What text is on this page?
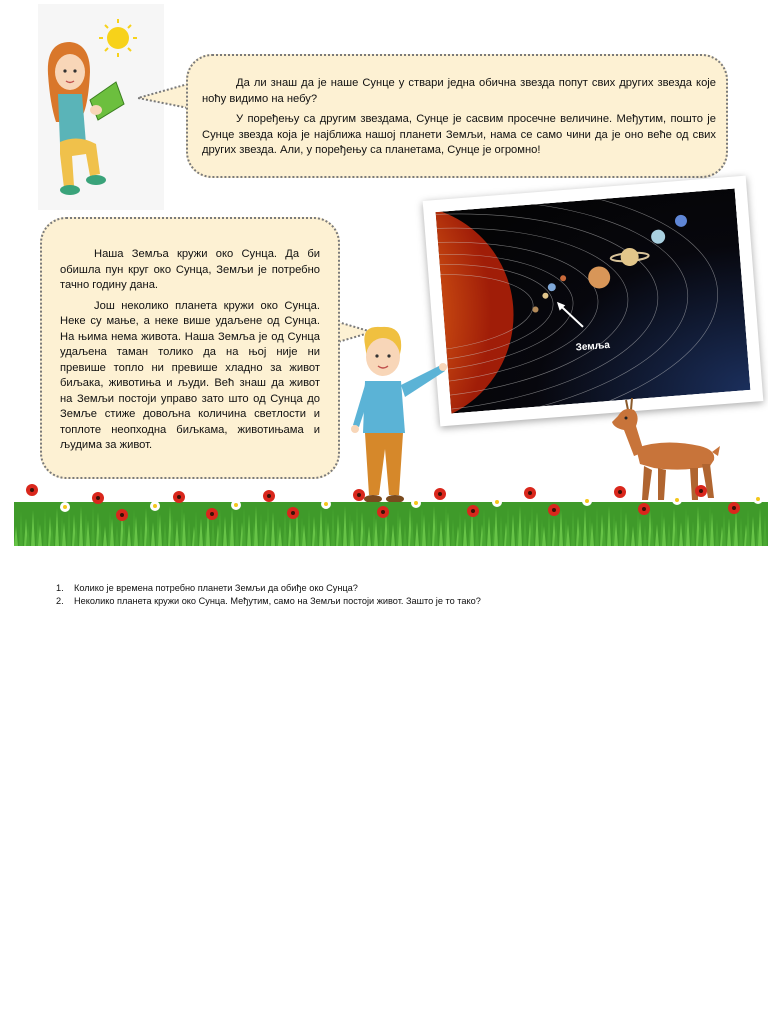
Да ли знаш да је наше Сунце у ствари једна обична звезда попут свих других звезда које ноћу видимо на небу?

У поређењу са другим звездама, Сунце је сасвим просечне величине. Међутим, пошто је Сунце звезда која је најближа нашој планети Земљи, нама се само чини да је оно веће од свих других звезда. Али, у поређењу са планетама, Сунце је огромно!

Наша Земља кружи око Сунца. Да би обишла пун круг око Сунца, Земљи је потребно тачно годину дана.

Још неколико планета кружи око Сунца. Неке су мање, а неке више удаљене од Сунца. На њима нема живота. Наша Земља је од Сунца удаљена таман толико да на њој није ни превише топло ни превише хладно за живот биљака, животиња и људи. Већ знаш да живот на Земљи постоји управо зато што од Сунца до Земље стиже довољна количина светлости и топлоте неопходна биљкама, животињама и људима за живот.

Земља
1. Колико је времена потребно планети Земљи да обиђе око Сунца?
2. Неколико планета кружи око Сунца. Међутим, само на Земљи постоји живот. Зашто је то тако?
